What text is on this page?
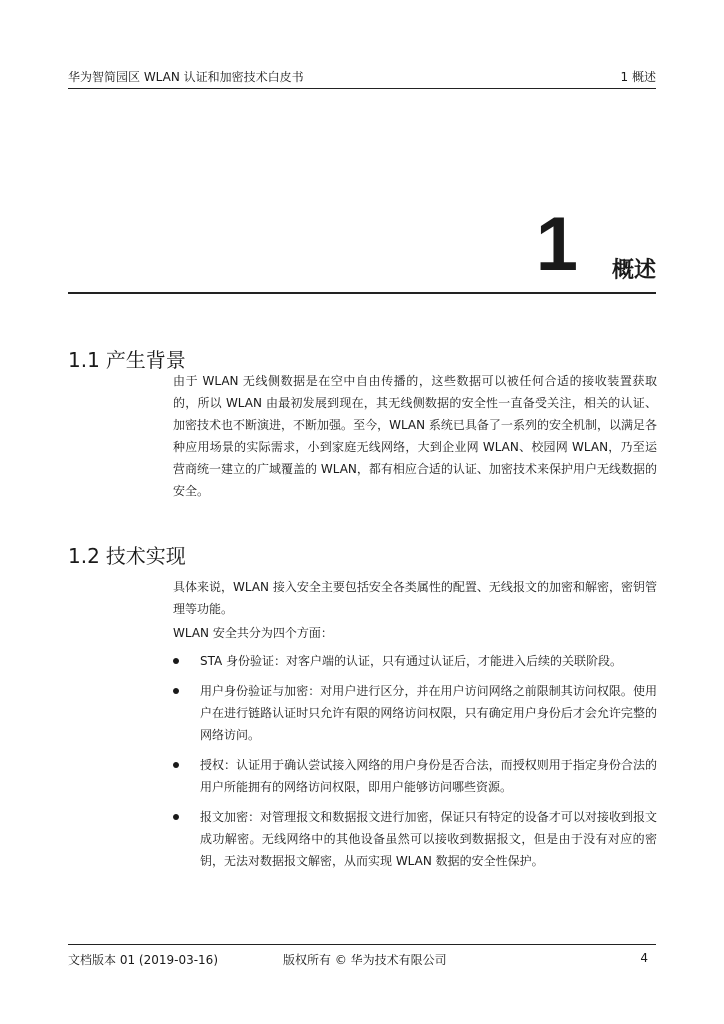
华为智简园区 WLAN 认证和加密技术白皮书	1 概述
1 概述
1.1 产生背景

由于 WLAN 无线侧数据是在空中自由传播的，这些数据可以被任何合适的接收装置获取的，所以 WLAN 由最初发展到现在，其无线侧数据的安全性一直备受关注，相关的认证、加密技术也不断演进，不断加强。至今，WLAN 系统已具备了一系列的安全机制，以满足各种应用场景的实际需求，小到家庭无线网络，大到企业网 WLAN、校园网 WLAN，乃至运营商统一建立的广域覆盖的 WLAN，都有相应合适的认证、加密技术来保护用户无线数据的安全。

1.2 技术实现

具体来说，WLAN 接入安全主要包括安全各类属性的配置、无线报文的加密和解密，密钥管理等功能。

WLAN 安全共分为四个方面：

STA 身份验证：对客户端的认证，只有通过认证后，才能进入后续的关联阶段。
用户身份验证与加密：对用户进行区分，并在用户访问网络之前限制其访问权限。使用户在进行链路认证时只允许有限的网络访问权限，只有确定用户身份后才会允许完整的网络访问。
授权：认证用于确认尝试接入网络的用户身份是否合法，而授权则用于指定身份合法的用户所能拥有的网络访问权限，即用户能够访问哪些资源。
报文加密：对管理报文和数据报文进行加密，保证只有特定的设备才可以对接收到报文成功解密。无线网络中的其他设备虽然可以接收到数据报文，但是由于没有对应的密钥，无法对数据报文解密，从而实现 WLAN 数据的安全性保护。
文档版本 01 (2019-03-16)	版权所有 © 华为技术有限公司	4
